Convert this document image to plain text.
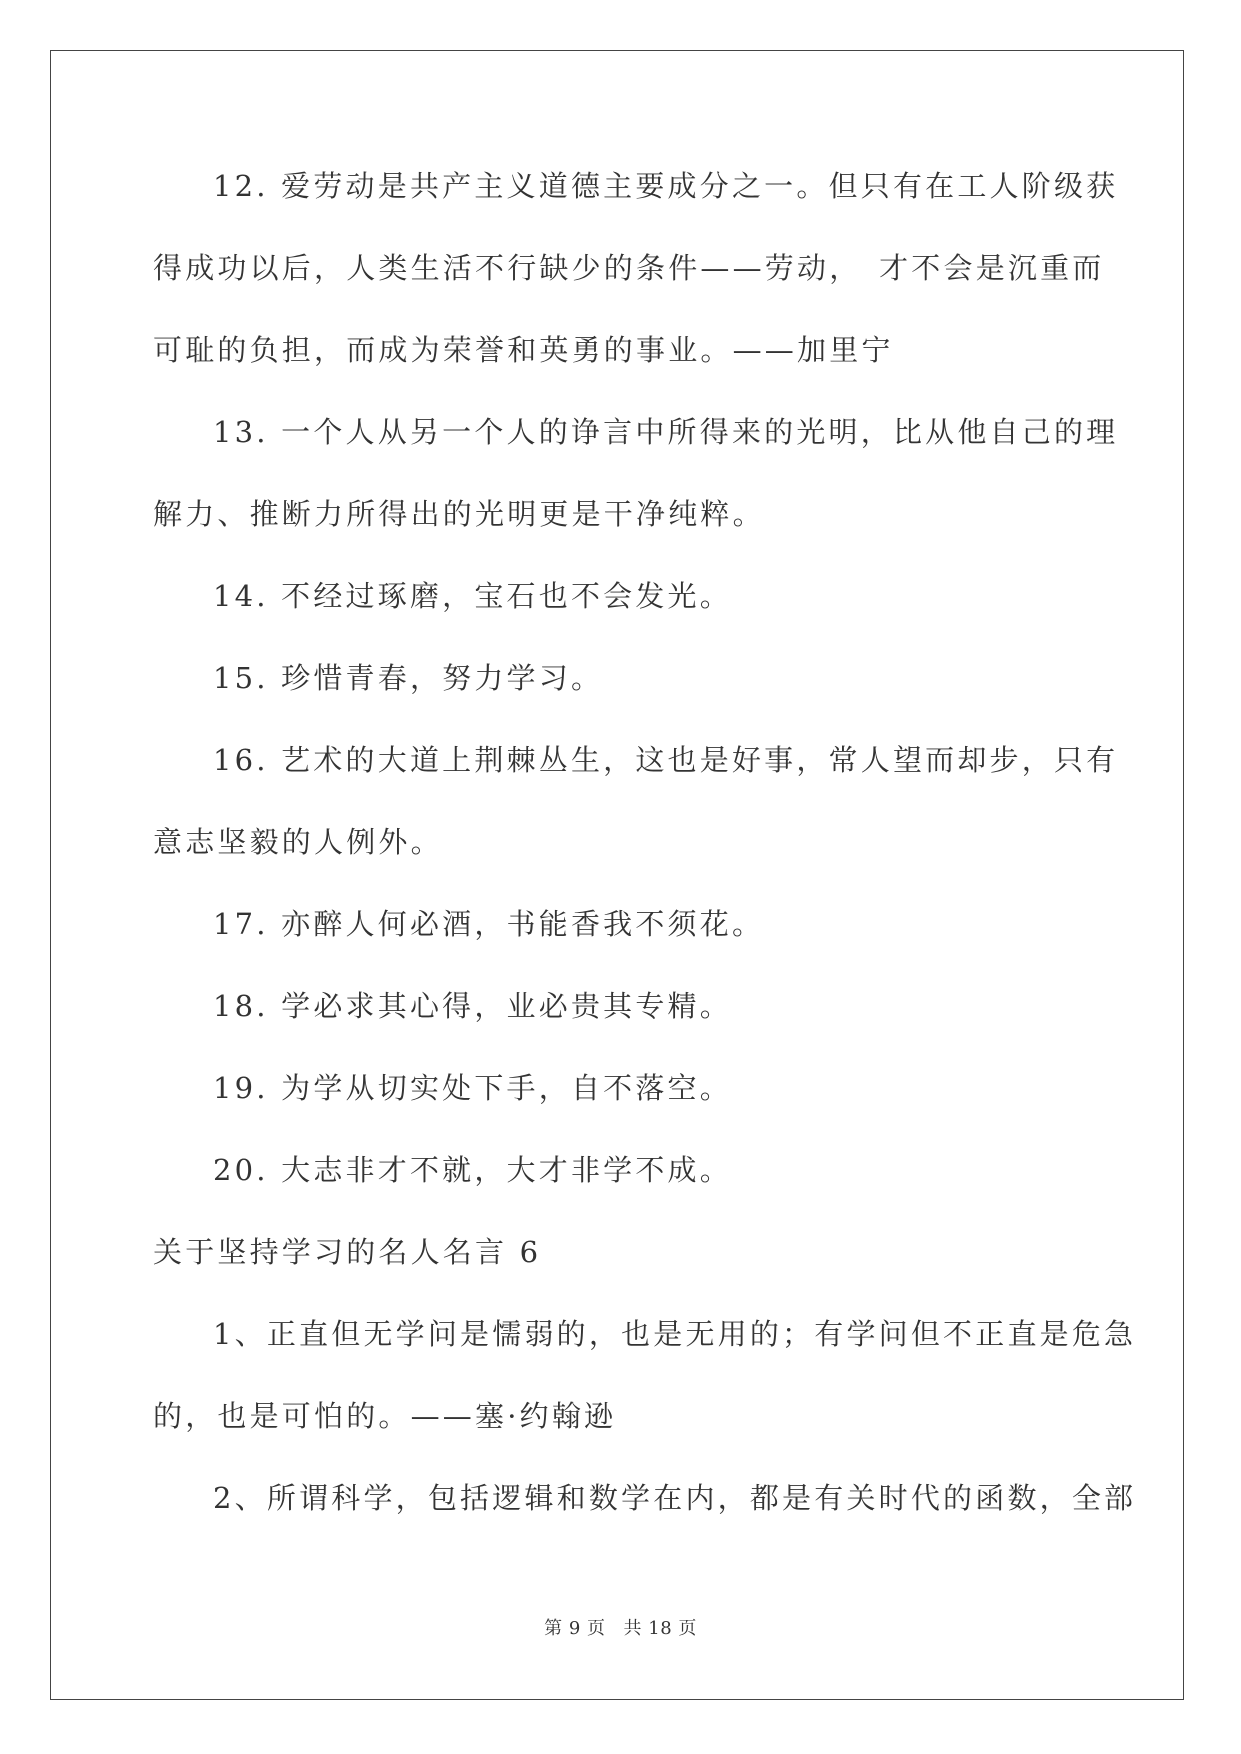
12. 爱劳动是共产主义道德主要成分之一。但只有在工人阶级获
得成功以后，人类生活不行缺少的条件——劳动，　才不会是沉重而
可耻的负担，而成为荣誉和英勇的事业。——加里宁
13. 一个人从另一个人的诤言中所得来的光明，比从他自己的理
解力、推断力所得出的光明更是干净纯粹。
14. 不经过琢磨，宝石也不会发光。
15. 珍惜青春，努力学习。
16. 艺术的大道上荆棘丛生，这也是好事，常人望而却步，只有
意志坚毅的人例外。
17. 亦醉人何必酒，书能香我不须花。
18. 学必求其心得，业必贵其专精。
19. 为学从切实处下手，自不落空。
20. 大志非才不就，大才非学不成。
关于坚持学习的名人名言 6
1、正直但无学问是懦弱的，也是无用的；有学问但不正直是危急
的，也是可怕的。——塞·约翰逊
2、所谓科学，包括逻辑和数学在内，都是有关时代的函数，全部
第 9 页 共 18 页
